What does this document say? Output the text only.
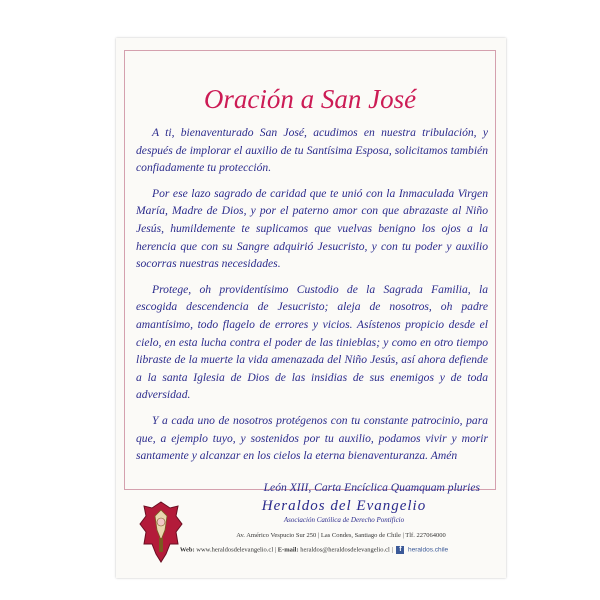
Oración a San José

A ti, bienaventurado San José, acudimos en nuestra tribulación, y después de implorar el auxilio de tu Santísima Esposa, solicitamos también confiadamente tu protección.

Por ese lazo sagrado de caridad que te unió con la Inmaculada Virgen María, Madre de Dios, y por el paterno amor con que abrazaste al Niño Jesús, humildemente te suplicamos que vuelvas benigno los ojos a la herencia que con su Sangre adquirió Jesucristo, y con tu poder y auxilio socorras nuestras necesidades.

Protege, oh providentísimo Custodio de la Sagrada Familia, la escogida descendencia de Jesucristo; aleja de nosotros, oh padre amantísimo, todo flagelo de errores y vicios. Asístenos propicio desde el cielo, en esta lucha contra el poder de las tinieblas; y como en otro tiempo libraste de la muerte la vida amenazada del Niño Jesús, así ahora defiende a la santa Iglesia de Dios de las insidias de sus enemigos y de toda adversidad.

Y a cada uno de nosotros protégenos con tu constante patrocinio, para que, a ejemplo tuyo, y sostenidos por tu auxilio, podamos vivir y morir santamente y alcanzar en los cielos la eterna bienaventuranza. Amén

León XIII, Carta Encíclica Quamquam pluries

Heraldos del Evangelio
Asociación Católica de Derecho Pontificio
Av. Américo Vespucio Sur 250 | Las Condes, Santiago de Chile | Tlf. 227064000
Web: www.heraldosdelevangelio.cl | E-mail: heraldos@heraldosdelevangelio.cl | f heraldos.chile
